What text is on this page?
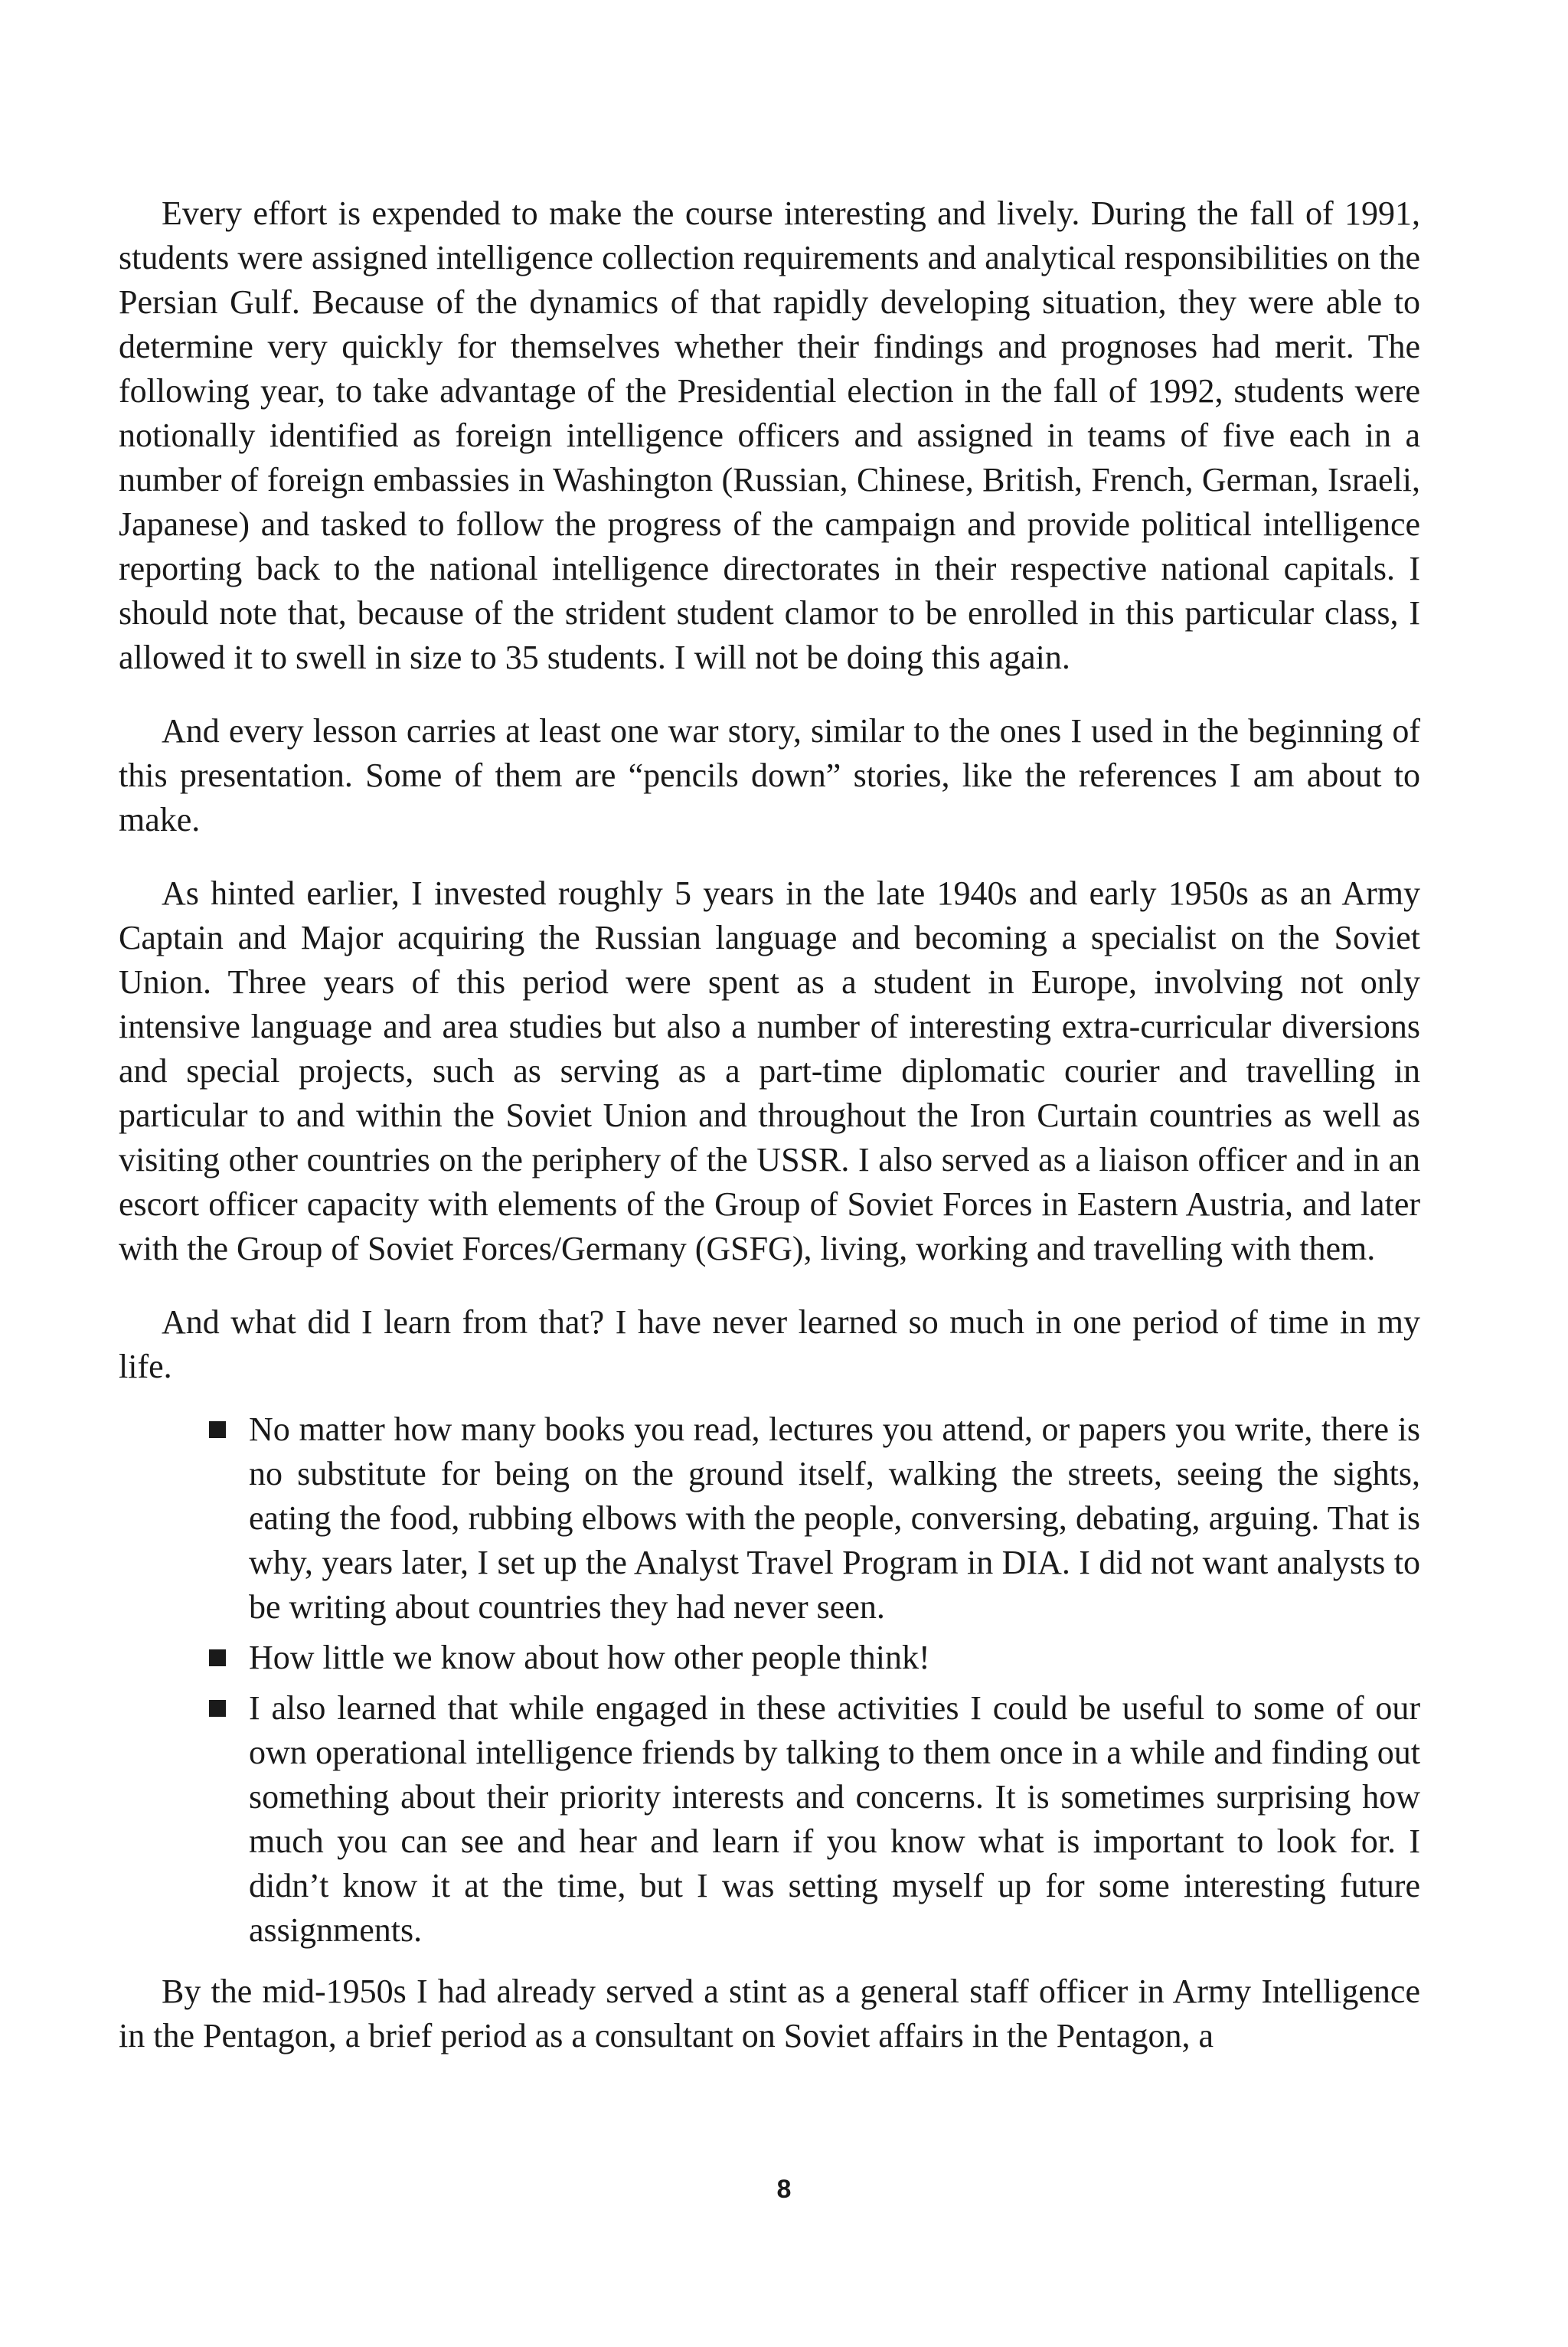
Every effort is expended to make the course interesting and lively. During the fall of 1991, students were assigned intelligence collection requirements and analytical responsibilities on the Persian Gulf. Because of the dynamics of that rapidly developing situation, they were able to determine very quickly for themselves whether their findings and prognoses had merit. The following year, to take advantage of the Presidential election in the fall of 1992, students were notionally identified as foreign intelligence officers and assigned in teams of five each in a number of foreign embassies in Washington (Russian, Chinese, British, French, German, Israeli, Japanese) and tasked to follow the progress of the campaign and provide political intelligence reporting back to the national intelligence directorates in their respective national capitals. I should note that, because of the strident student clamor to be enrolled in this particular class, I allowed it to swell in size to 35 students. I will not be doing this again.

And every lesson carries at least one war story, similar to the ones I used in the beginning of this presentation. Some of them are “pencils down” stories, like the references I am about to make.

As hinted earlier, I invested roughly 5 years in the late 1940s and early 1950s as an Army Captain and Major acquiring the Russian language and becoming a specialist on the Soviet Union. Three years of this period were spent as a student in Europe, involving not only intensive language and area studies but also a number of interesting extra-curricular diversions and special projects, such as serving as a part-time diplomatic courier and travelling in particular to and within the Soviet Union and throughout the Iron Curtain countries as well as visiting other countries on the periphery of the USSR. I also served as a liaison officer and in an escort officer capacity with elements of the Group of Soviet Forces in Eastern Austria, and later with the Group of Soviet Forces/Germany (GSFG), living, working and travelling with them.

And what did I learn from that? I have never learned so much in one period of time in my life.

No matter how many books you read, lectures you attend, or papers you write, there is no substitute for being on the ground itself, walking the streets, seeing the sights, eating the food, rubbing elbows with the people, conversing, debating, arguing. That is why, years later, I set up the Analyst Travel Program in DIA. I did not want analysts to be writing about countries they had never seen.
How little we know about how other people think!
I also learned that while engaged in these activities I could be useful to some of our own operational intelligence friends by talking to them once in a while and finding out something about their priority interests and concerns. It is sometimes surprising how much you can see and hear and learn if you know what is important to look for. I didn’t know it at the time, but I was setting myself up for some interesting future assignments.

By the mid-1950s I had already served a stint as a general staff officer in Army Intelligence in the Pentagon, a brief period as a consultant on Soviet affairs in the Pentagon, a

8
